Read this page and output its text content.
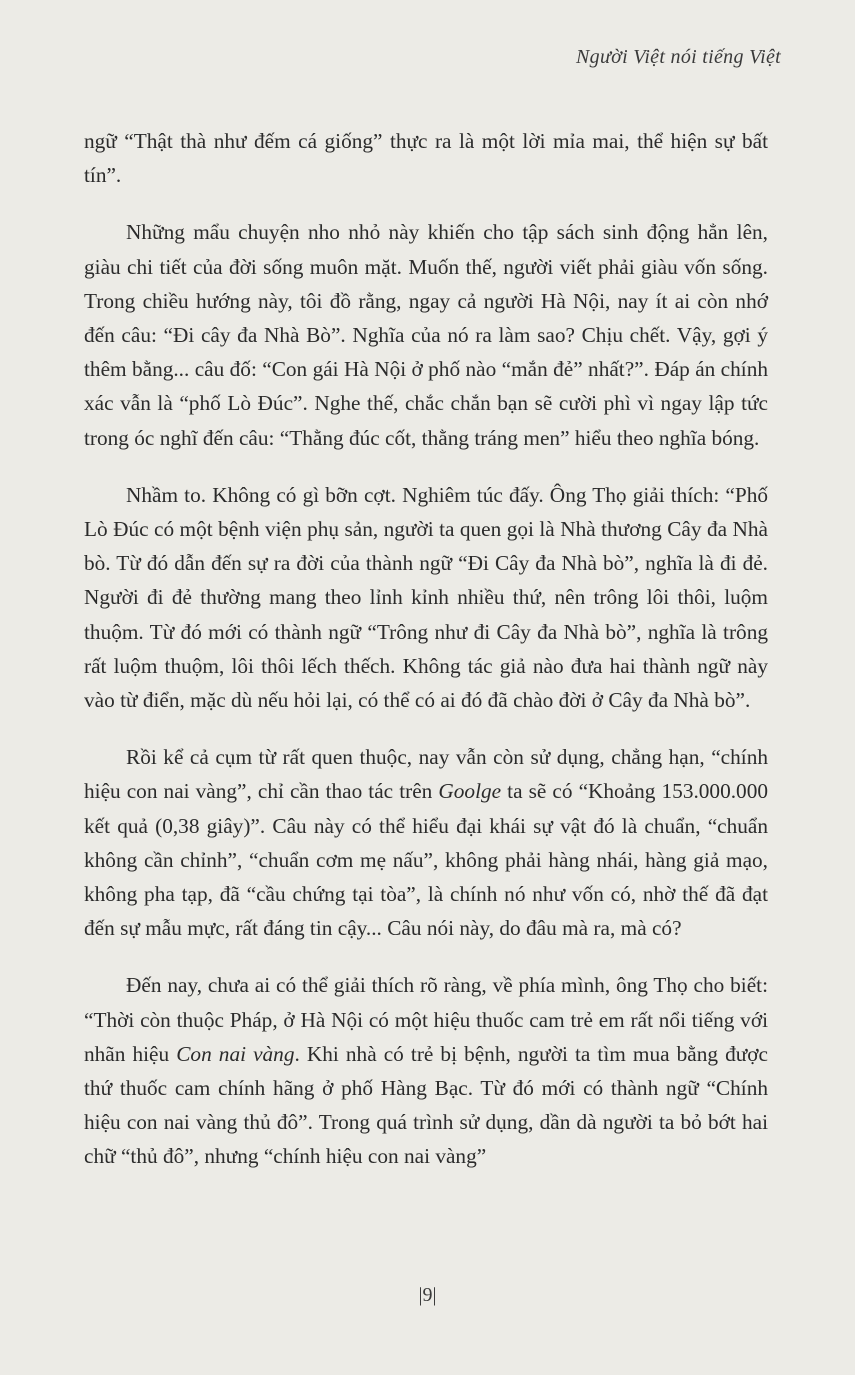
Người Việt nói tiếng Việt

ngữ “Thật thà như đếm cá giống” thực ra là một lời mỉa mai, thể hiện sự bất tín”.

Những mẩu chuyện nho nhỏ này khiến cho tập sách sinh động hẳn lên, giàu chi tiết của đời sống muôn mặt. Muốn thế, người viết phải giàu vốn sống. Trong chiều hướng này, tôi đồ rằng, ngay cả người Hà Nội, nay ít ai còn nhớ đến câu: “Đi cây đa Nhà Bò”. Nghĩa của nó ra làm sao? Chịu chết. Vậy, gợi ý thêm bằng... câu đố: “Con gái Hà Nội ở phố nào “mắn đẻ” nhất?”. Đáp án chính xác vẫn là “phố Lò Đúc”. Nghe thế, chắc chắn bạn sẽ cười phì vì ngay lập tức trong óc nghĩ đến câu: “Thằng đúc cốt, thằng tráng men” hiểu theo nghĩa bóng.

Nhầm to. Không có gì bỡn cợt. Nghiêm túc đấy. Ông Thọ giải thích: “Phố Lò Đúc có một bệnh viện phụ sản, người ta quen gọi là Nhà thương Cây đa Nhà bò. Từ đó dẫn đến sự ra đời của thành ngữ “Đi Cây đa Nhà bò”, nghĩa là đi đẻ. Người đi đẻ thường mang theo lỉnh kỉnh nhiều thứ, nên trông lôi thôi, luộm thuộm. Từ đó mới có thành ngữ “Trông như đi Cây đa Nhà bò”, nghĩa là trông rất luộm thuộm, lôi thôi lếch thếch. Không tác giả nào đưa hai thành ngữ này vào từ điển, mặc dù nếu hỏi lại, có thể có ai đó đã chào đời ở Cây đa Nhà bò”.

Rồi kể cả cụm từ rất quen thuộc, nay vẫn còn sử dụng, chẳng hạn, “chính hiệu con nai vàng”, chỉ cần thao tác trên Goolge ta sẽ có “Khoảng 153.000.000 kết quả (0,38 giây)”. Câu này có thể hiểu đại khái sự vật đó là chuẩn, “chuẩn không cần chỉnh”, “chuẩn cơm mẹ nấu”, không phải hàng nhái, hàng giả mạo, không pha tạp, đã “cầu chứng tại tòa”, là chính nó như vốn có, nhờ thế đã đạt đến sự mẫu mực, rất đáng tin cậy... Câu nói này, do đâu mà ra, mà có?

Đến nay, chưa ai có thể giải thích rõ ràng, về phía mình, ông Thọ cho biết: “Thời còn thuộc Pháp, ở Hà Nội có một hiệu thuốc cam trẻ em rất nổi tiếng với nhãn hiệu Con nai vàng. Khi nhà có trẻ bị bệnh, người ta tìm mua bằng được thứ thuốc cam chính hãng ở phố Hàng Bạc. Từ đó mới có thành ngữ “Chính hiệu con nai vàng thủ đô”. Trong quá trình sử dụng, dần dà người ta bỏ bớt hai chữ “thủ đô”, nhưng “chính hiệu con nai vàng”

|9|
